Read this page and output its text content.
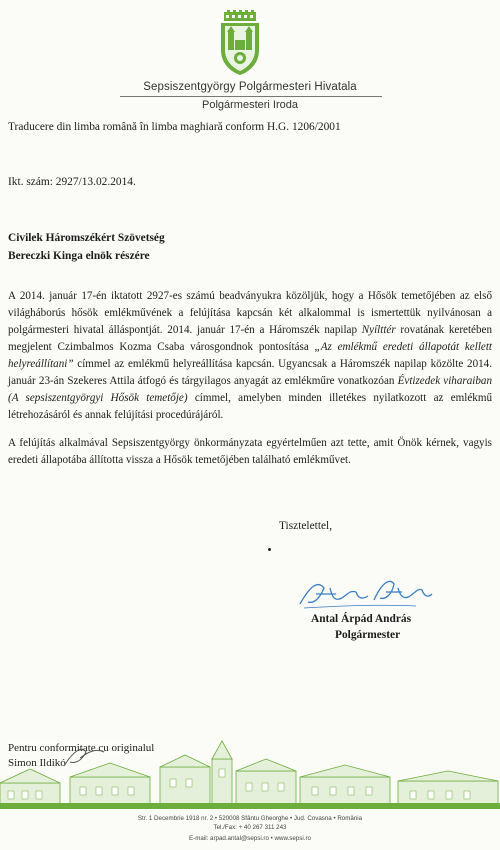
Sepsiszentgyörgy Polgármesteri Hivatala
Polgármesteri Iroda
Traducere din limba română în limba maghiară conform H.G. 1206/2001
Ikt. szám: 2927/13.02.2014.
Civilek Háromszékért Szövetség
Bereczki Kinga elnök részére

A 2014. január 17-én iktatott 2927-es számú beadványukra közöljük, hogy a Hősök temetőjében az első világháborús hősök emlékművének a felújítása kapcsán két alkalommal is ismertettük nyilvánosan a polgármesteri hivatal álláspontját. 2014. január 17-én a Háromszék napilap Nyílttér rovatának keretében megjelent Czimbalmos Kozma Csaba városgondnok pontosítása „Az emlékmű eredeti állapotát kellett helyreállítani” címmel az emlékmű helyreállítása kapcsán. Ugyancsak a Háromszék napilap közölte 2014. január 23-án Szekeres Attila átfogó és tárgyilagos anyagát az emlékműre vonatkozóan Évtizedek viharaiban (A sepsiszentgyörgyi Hősök temetője) címmel, amelyben minden illetékes nyilatkozott az emlékmű létrehozásáról és annak felújítási procedúrájáról.

A felújítás alkalmával Sepsiszentgyörgy önkormányzata egyértelműen azt tette, amit Önök kérnek, vagyis eredeti állapotába állította vissza a Hősök temetőjében található emlékművet.

Tisztelettel,
Antal Árpád András
Polgármester
Pentru conformitate cu originalul
Simon Ildikó
Str. 1 Decembrie 1918 nr. 2 • 520008 Sfântu Gheorghe • Jud. Covasna • România
Tel./Fax: + 40 267 311 243
E-mail: arpad.antal@sepsi.ro • www.sepsi.ro
